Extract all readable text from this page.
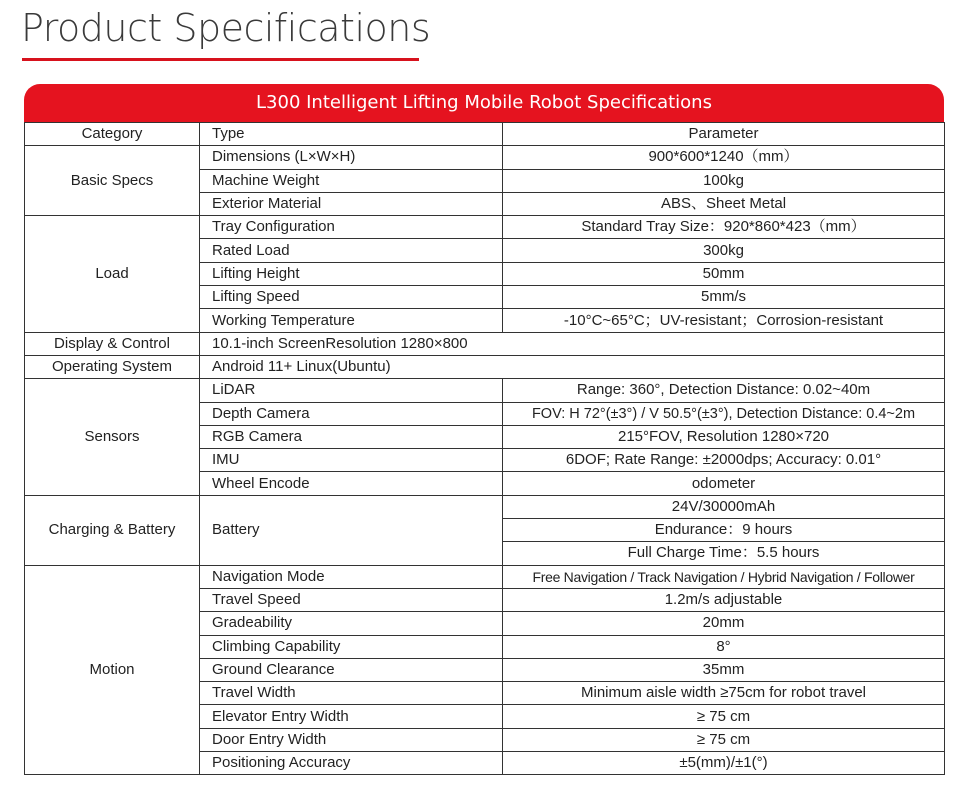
Product Specifications
L300 Intelligent Lifting Mobile Robot Specifications
Category	Type	Parameter
Basic Specs	Dimensions (L×W×H)	900*600*1240（mm）
	Machine Weight	100kg
	Exterior Material	ABS、Sheet Metal
Load	Tray Configuration	Standard Tray Size：920*860*423（mm）
	Rated Load	300kg
	Lifting Height	50mm
	Lifting Speed	5mm/s
	Working Temperature	-10°C~65°C；UV-resistant；Corrosion-resistant
Display & Control	10.1-inch ScreenResolution 1280×800	
Operating System	Android 11+ Linux(Ubuntu)	
Sensors	LiDAR	Range: 360°, Detection Distance: 0.02~40m
	Depth Camera	FOV: H 72°(±3°) / V 50.5°(±3°), Detection Distance: 0.4~2m
	RGB Camera	215°FOV, Resolution 1280×720
	IMU	6DOF; Rate Range: ±2000dps; Accuracy: 0.01°
	Wheel Encode	odometer
Charging & Battery	Battery	24V/30000mAh
		Endurance：9 hours
		Full Charge Time：5.5 hours
Motion	Navigation Mode	Free Navigation / Track Navigation / Hybrid Navigation / Follower
	Travel Speed	1.2m/s adjustable
	Gradeability	20mm
	Climbing Capability	8°
	Ground Clearance	35mm
	Travel Width	Minimum aisle width ≥75cm for robot travel
	Elevator Entry Width	≥ 75 cm
	Door Entry Width	≥ 75 cm
	Positioning Accuracy	±5(mm)/±1(°)
